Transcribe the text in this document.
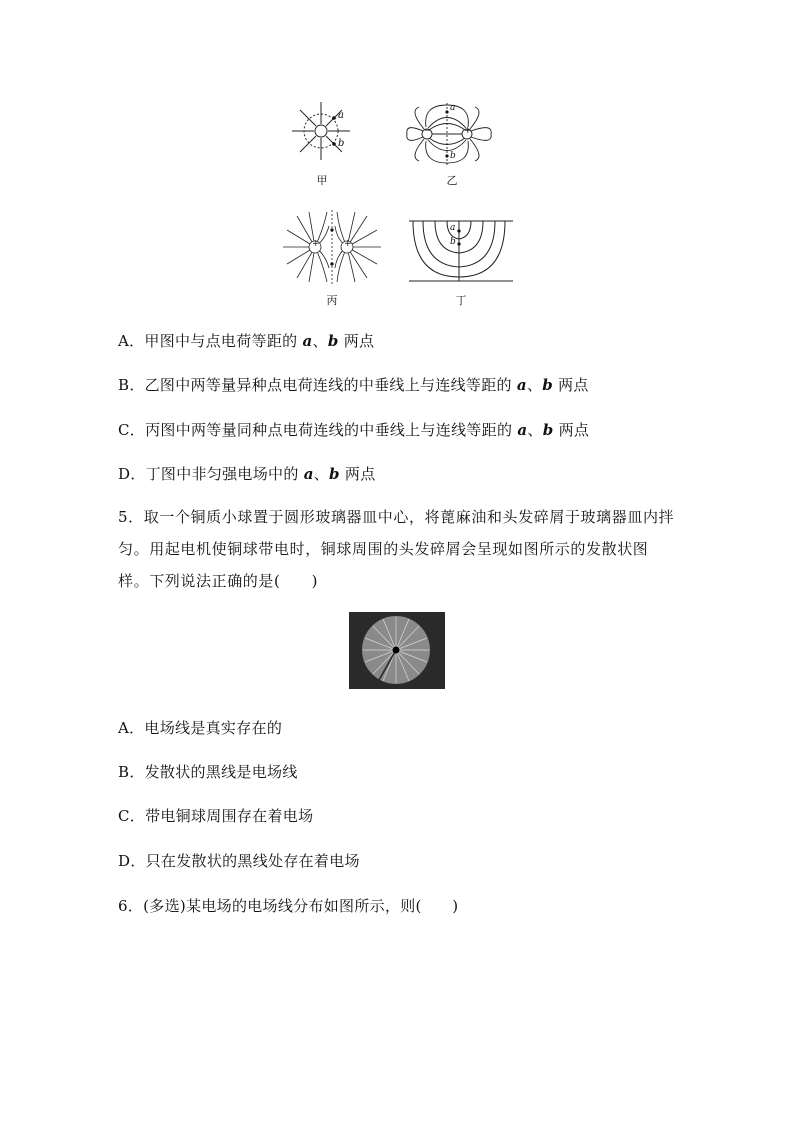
a
b
甲
−	+
a
b
乙
+	+
丙
a
b
丁
A．甲图中与点电荷等距的 a、b 两点
B．乙图中两等量异种点电荷连线的中垂线上与连线等距的 a、b 两点
C．丙图中两等量同种点电荷连线的中垂线上与连线等距的 a、b 两点
D．丁图中非匀强电场中的 a、b 两点
5．取一个铜质小球置于圆形玻璃器皿中心，将蓖麻油和头发碎屑于玻璃器皿内拌匀。用起电机使铜球带电时，铜球周围的头发碎屑会呈现如图所示的发散状图样。下列说法正确的是(　　)
A．电场线是真实存在的
B．发散状的黑线是电场线
C．带电铜球周围存在着电场
D．只在发散状的黑线处存在着电场
6．(多选)某电场的电场线分布如图所示，则(　　)
